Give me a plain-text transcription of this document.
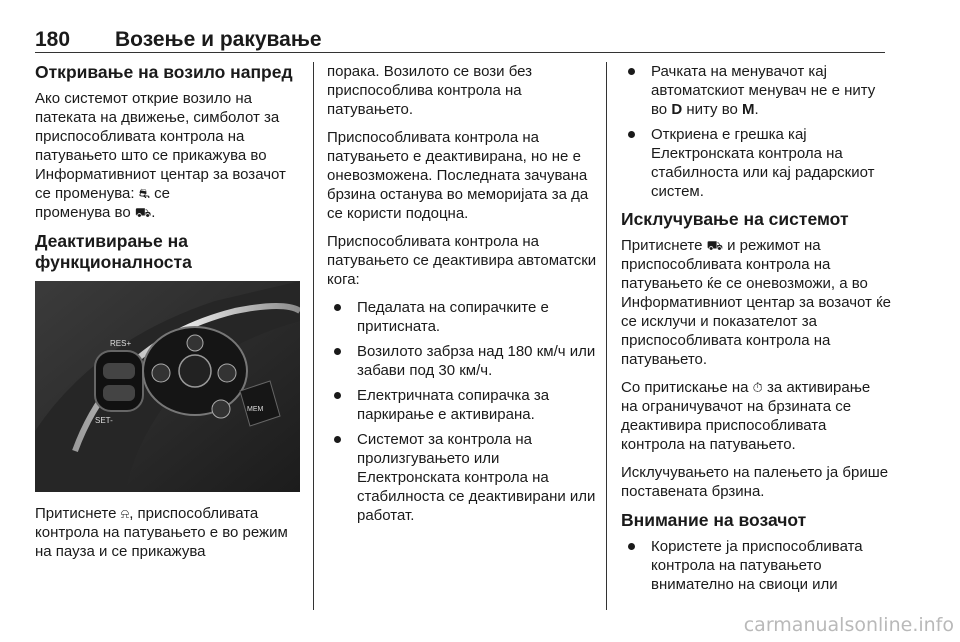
180 Возење и ракување
Откривање на возило напред

Ако системот открие возило на патеката на движење, симболот за приспособливата контрола на патувањето што се прикажува во Информативниот центар за возачот се променува: ⛐ се
променува во ⛟.

Деактивирање на функционалноста
RES+
SET-
MEM

Притиснете ⍾, приспособливата контрола на патувањето е во режим на пауза и се прикажува

порака. Возилото се вози без приспособлива контрола на патувањето.

Приспособливата контрола на патувањето е деактивирана, но не е оневозможена. Последната зачувана брзина останува во меморијата за да се користи подоцна.

Приспособливата контрола на патувањето се деактивира автоматски кога:

Педалата на сопирачките е притисната.
Возилото забрза над 180 км/ч или забави под 30 км/ч.
Електричната сопирачка за паркирање е активирана.
Системот за контрола на пролизгувањето или Електронската контрола на стабилноста се деактивирани или работат.
Рачката на менувачот кај автоматскиот менувач не е ниту во D ниту во M.
Откриена е грешка кај Електронската контрола на стабилноста или кај радарскиот систем.
Исклучување на системот

Притиснете ⛟ и режимот на приспособливата контрола на патувањето ќе се оневозможи, а во Информативниот центар за возачот ќе се исклучи и показателот за приспособливата контрола на патувањето.

Со притискање на ⏱ за активирање на ограничувачот на брзината се деактивира приспособливата контрола на патувањето.

Исклучувањето на палењето ја брише поставената брзина.

Внимание на возачот
Користете ја приспособливата контрола на патувањето внимателно на свиоци или
carmanualsonline.info
